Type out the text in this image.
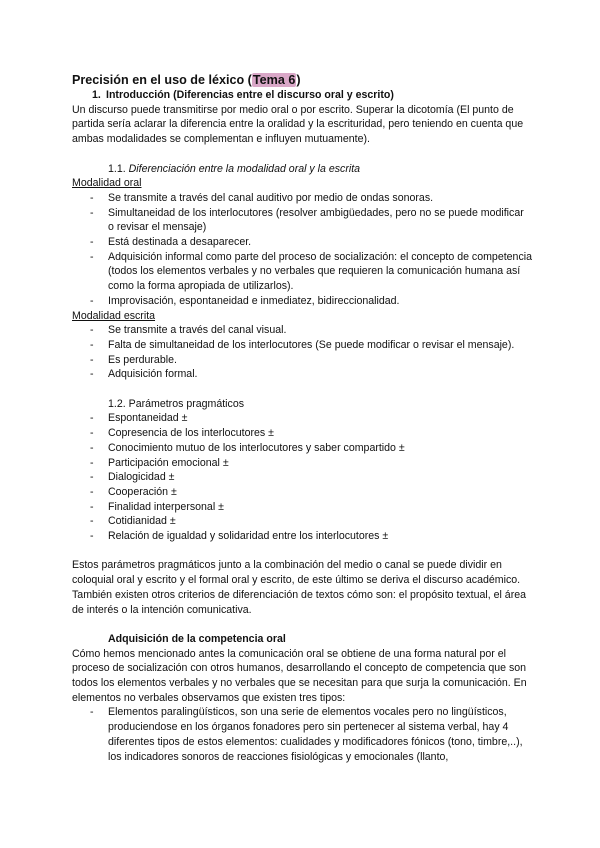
Precisión en el uso de léxico (Tema 6)

1. Introducción (Diferencias entre el discurso oral y escrito)

Un discurso puede transmitirse por medio oral o por escrito. Superar la dicotomía (El punto de partida sería aclarar la diferencia entre la oralidad y la escrituridad, pero teniendo en cuenta que ambas modalidades se complementan e influyen mutuamente).

1.1. Diferenciación entre la modalidad oral y la escrita

Modalidad oral

- Se transmite a través del canal auditivo por medio de ondas sonoras.
- Simultaneidad de los interlocutores (resolver ambigüedades, pero no se puede modificar o revisar el mensaje)
- Está destinada a desaparecer.
- Adquisición informal como parte del proceso de socialización: el concepto de competencia (todos los elementos verbales y no verbales que requieren la comunicación humana así como la forma apropiada de utilizarlos).
- Improvisación, espontaneidad e inmediatez, bidireccionalidad.

Modalidad escrita

- Se transmite a través del canal visual.
- Falta de simultaneidad de los interlocutores (Se puede modificar o revisar el mensaje).
- Es perdurable.
- Adquisición formal.

1.2. Parámetros pragmáticos

- Espontaneidad ±
- Copresencia de los interlocutores ±
- Conocimiento mutuo de los interlocutores y saber compartido ±
- Participación emocional ±
- Dialogicidad ±
- Cooperación ±
- Finalidad interpersonal ±
- Cotidianidad ±
- Relación de igualdad y solidaridad entre los interlocutores ±

Estos parámetros pragmáticos junto a la combinación del medio o canal se puede dividir en coloquial oral y escrito y el formal oral y escrito, de este último se deriva el discurso académico. También existen otros criterios de diferenciación de textos cómo son: el propósito textual, el área de interés o la intención comunicativa.

Adquisición de la competencia oral

Cómo hemos mencionado antes la comunicación oral se obtiene de una forma natural por el proceso de socialización con otros humanos, desarrollando el concepto de competencia que son todos los elementos verbales y no verbales que se necesitan para que surja la comunicación. En elementos no verbales observamos que existen tres tipos:

- Elementos paralingüísticos, son una serie de elementos vocales pero no lingüísticos, produciendose en los órganos fonadores pero sin pertenecer al sistema verbal, hay 4 diferentes tipos de estos elementos: cualidades y modificadores fónicos (tono, timbre,..), los indicadores sonoros de reacciones fisiológicas y emocionales (llanto,
